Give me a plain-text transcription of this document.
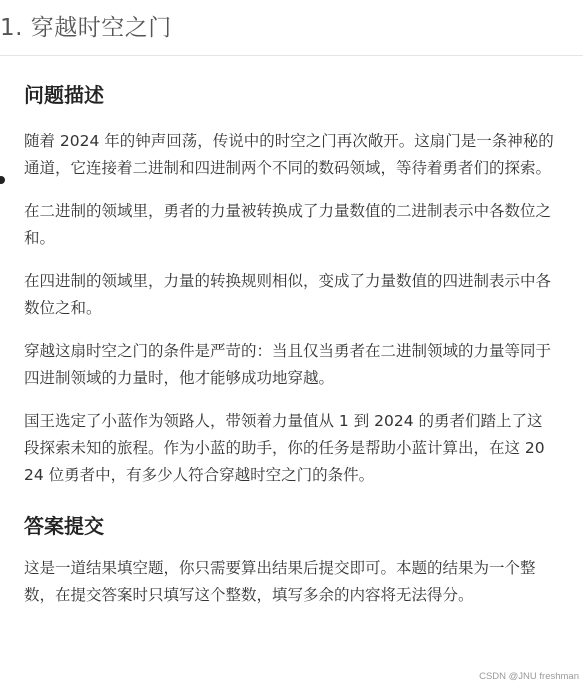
1. 穿越时空之门
问题描述

随着 2024 年的钟声回荡，传说中的时空之门再次敞开。这扇门是一条神秘的通道，它连接着二进制和四进制两个不同的数码领域，等待着勇者们的探索。

在二进制的领域里，勇者的力量被转换成了力量数值的二进制表示中各数位之和。

在四进制的领域里，力量的转换规则相似，变成了力量数值的四进制表示中各数位之和。

穿越这扇时空之门的条件是严苛的：当且仅当勇者在二进制领域的力量等同于四进制领域的力量时，他才能够成功地穿越。

国王选定了小蓝作为领路人，带领着力量值从 1 到 2024 的勇者们踏上了这段探索未知的旅程。作为小蓝的助手，你的任务是帮助小蓝计算出，在这 2024 位勇者中，有多少人符合穿越时空之门的条件。

答案提交

这是一道结果填空题，你只需要算出结果后提交即可。本题的结果为一个整数，在提交答案时只填写这个整数，填写多余的内容将无法得分。

CSDN @JNU freshman
